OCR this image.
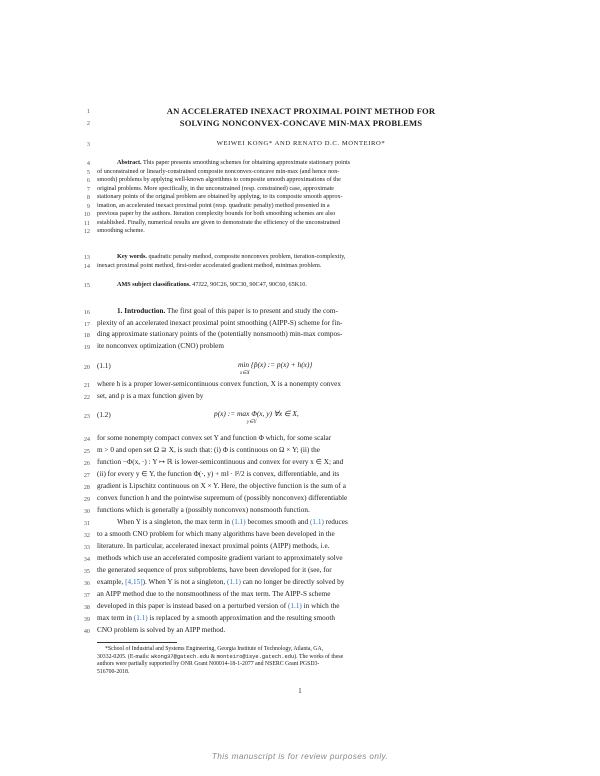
1
2
3
4
5
6
7
8
9
10
11
12
13
14
15
16
17
18
19
20
21
22
23
24
25
26
27
28
29
30
31
32
33
34
35
36
37
38
39
40
AN ACCELERATED INEXACT PROXIMAL POINT METHOD FOR
SOLVING NONCONVEX-CONCAVE MIN-MAX PROBLEMS
WEIWEI KONG* AND RENATO D.C. MONTEIRO*
Abstract. This paper presents smoothing schemes for obtaining approximate stationary points
of unconstrained or linearly-constrained composite nonconvex-concave min-max (and hence non-
smooth) problems by applying well-known algorithms to composite smooth approximations of the
original problems. More specifically, in the unconstrained (resp. constrained) case, approximate
stationary points of the original problem are obtained by applying, to its composite smooth approx-
imation, an accelerated inexact proximal point (resp. quadratic penalty) method presented in a
previous paper by the authors. Iteration complexity bounds for both smoothing schemes are also
established. Finally, numerical results are given to demonstrate the efficiency of the unconstrained
smoothing scheme.
Key words. quadratic penalty method, composite nonconvex problem, iteration-complexity,
inexact proximal point method, first-order accelerated gradient method, minimax problem.
AMS subject classifications. 47J22, 90C26, 90C30, 90C47, 90C60, 65K10.
1. Introduction. The first goal of this paper is to present and study the com-
plexity of an accelerated inexact proximal point smoothing (AIPP-S) scheme for fin-
ding approximate stationary points of the (potentially nonsmooth) min-max compos-
ite nonconvex optimization (CNO) problem
(1.1)	min {p̂(x) := p(x) + h(x)}
x∈X
where h is a proper lower-semicontinuous convex function, X is a nonempty convex
set, and p is a max function given by
(1.2)	p(x) := max Φ(x, y) ∀x ∈ X,
y∈Y
for some nonempty compact convex set Y and function Φ which, for some scalar
m > 0 and open set Ω ⊇ X, is such that: (i) Φ is continuous on Ω × Y; (ii) the
function −Φ(x, ·) : Y ↦ ℝ is lower-semicontinuous and convex for every x ∈ X; and
(ii) for every y ∈ Y, the function Φ(·, y) + m‖ · ‖²/2 is convex, differentiable, and its
gradient is Lipschitz continuous on X × Y. Here, the objective function is the sum of a
convex function h and the pointwise supremum of (possibly nonconvex) differentiable
functions which is generally a (possibly nonconvex) nonsmooth function.
When Y is a singleton, the max term in (1.1) becomes smooth and (1.1) reduces
to a smooth CNO problem for which many algorithms have been developed in the
literature. In particular, accelerated inexact proximal points (AIPP) methods, i.e.
methods which use an accelerated composite gradient variant to approximately solve
the generated sequence of prox subproblems, have been developed for it (see, for
example, [4,15]). When Y is not a singleton, (1.1) can no longer be directly solved by
an AIPP method due to the nonsmoothness of the max term. The AIPP-S scheme
developed in this paper is instead based on a perturbed version of (1.1) in which the
max term in (1.1) is replaced by a smooth approximation and the resulting smooth
CNO problem is solved by an AIPP method.
*School of Industrial and Systems Engineering, Georgia Institute of Technology, Atlanta, GA,
30332-0205. (E-mails: wkong37@gatech.edu & monteiro@isye.gatech.edu). The works of these
authors were partially supported by ONR Grant N00014-18-1-2077 and NSERC Grant PGSD3-
516700-2018.
1
This manuscript is for review purposes only.
